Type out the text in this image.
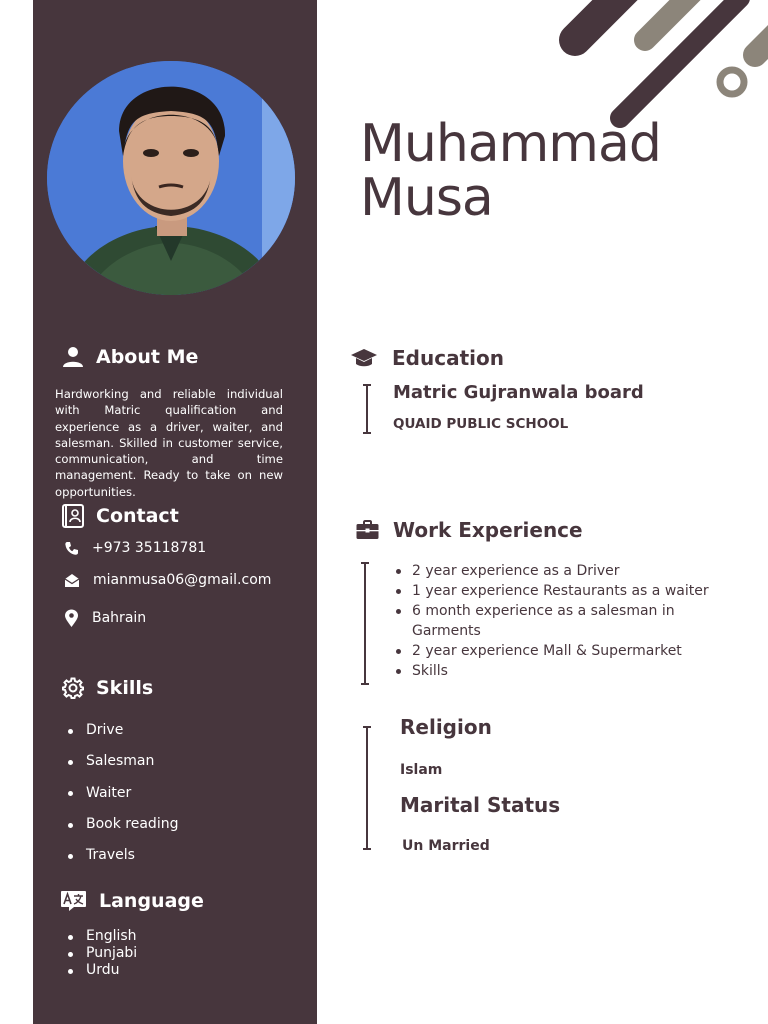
About Me
Hardworking and reliable individual with Matric qualification and experience as a driver, waiter, and salesman. Skilled in customer service, communication, and time management. Ready to take on new opportunities.
Contact
+973 35118781
mianmusa06@gmail.com
Bahrain
Skills
Drive
Salesman
Waiter
Book reading
Travels
Language
English
Punjabi
Urdu
Muhammad
Musa
Education
Matric Gujranwala board
QUAID PUBLIC SCHOOL
Work Experience
2 year experience as a Driver
1 year experience Restaurants as a waiter
6 month experience as a salesman in Garments
2 year experience Mall & Supermarket
Skills
Religion
Islam
Marital Status
Un Married
